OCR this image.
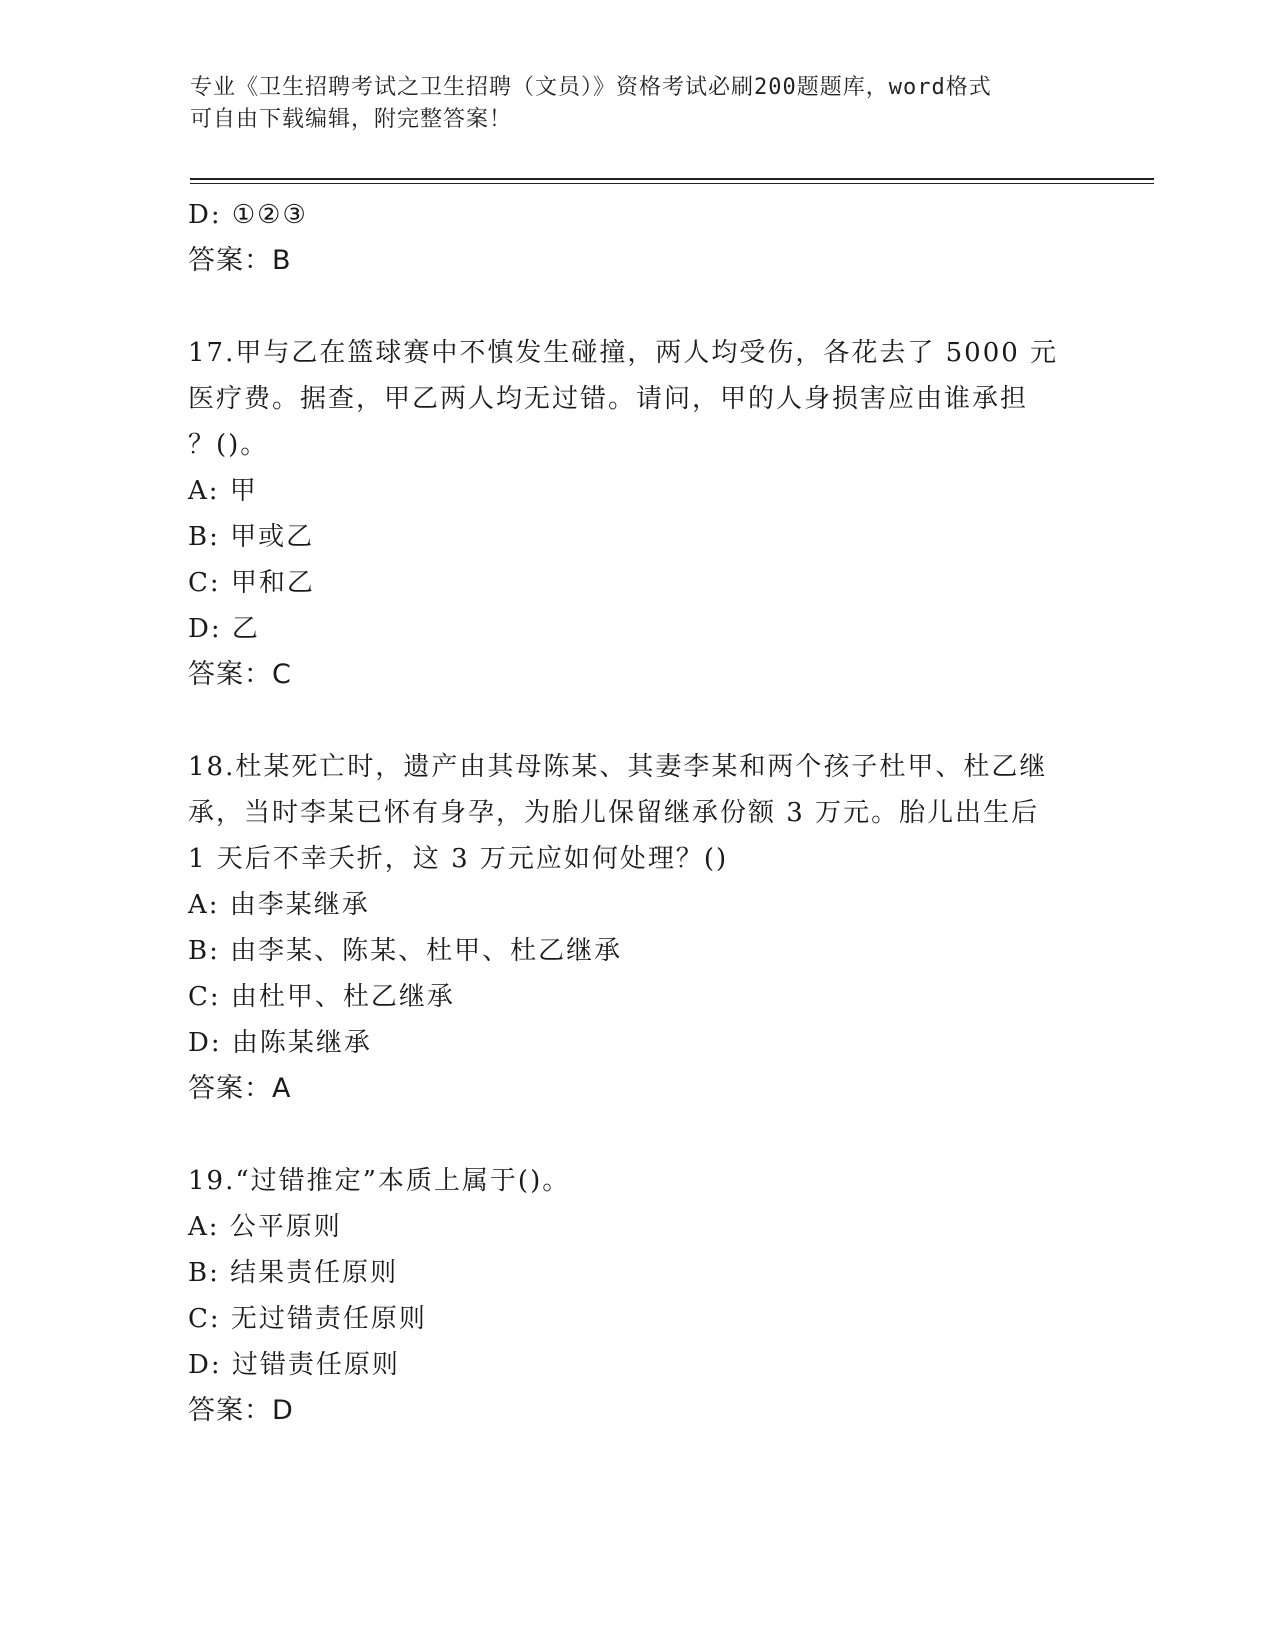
专业《卫生招聘考试之卫生招聘（文员）》资格考试必刷200题题库，word格式
可自由下载编辑，附完整答案！
D: ①②③
答案：B
17.甲与乙在篮球赛中不慎发生碰撞，两人均受伤，各花去了 5000 元
医疗费。据查，甲乙两人均无过错。请问，甲的人身损害应由谁承担
？()。
A: 甲
B: 甲或乙
C: 甲和乙
D: 乙
答案：C
18.杜某死亡时，遗产由其母陈某、其妻李某和两个孩子杜甲、杜乙继
承，当时李某已怀有身孕，为胎儿保留继承份额 3 万元。胎儿出生后
1 天后不幸夭折，这 3 万元应如何处理？()
A: 由李某继承
B: 由李某、陈某、杜甲、杜乙继承
C: 由杜甲、杜乙继承
D: 由陈某继承
答案：A
19.“过错推定”本质上属于()。
A: 公平原则
B: 结果责任原则
C: 无过错责任原则
D: 过错责任原则
答案：D
